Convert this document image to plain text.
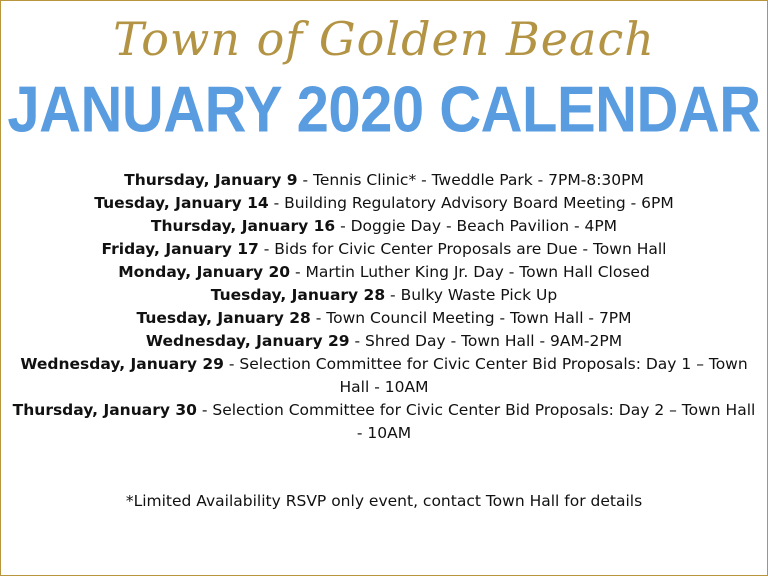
Town of Golden Beach
JANUARY 2020 CALENDAR
Thursday, January 9 - Tennis Clinic* - Tweddle Park - 7PM-8:30PM
Tuesday, January 14 - Building Regulatory Advisory Board Meeting - 6PM
Thursday, January 16 - Doggie Day - Beach Pavilion - 4PM
Friday, January 17 - Bids for Civic Center Proposals are Due - Town Hall
Monday, January 20 - Martin Luther King Jr. Day - Town Hall Closed
Tuesday, January 28 - Bulky Waste Pick Up
Tuesday, January 28 - Town Council Meeting - Town Hall - 7PM
Wednesday, January 29 - Shred Day - Town Hall - 9AM-2PM
Wednesday, January 29 - Selection Committee for Civic Center Bid Proposals: Day 1 – Town Hall - 10AM
Thursday, January 30 - Selection Committee for Civic Center Bid Proposals: Day 2 – Town Hall - 10AM
*Limited Availability RSVP only event, contact Town Hall for details
